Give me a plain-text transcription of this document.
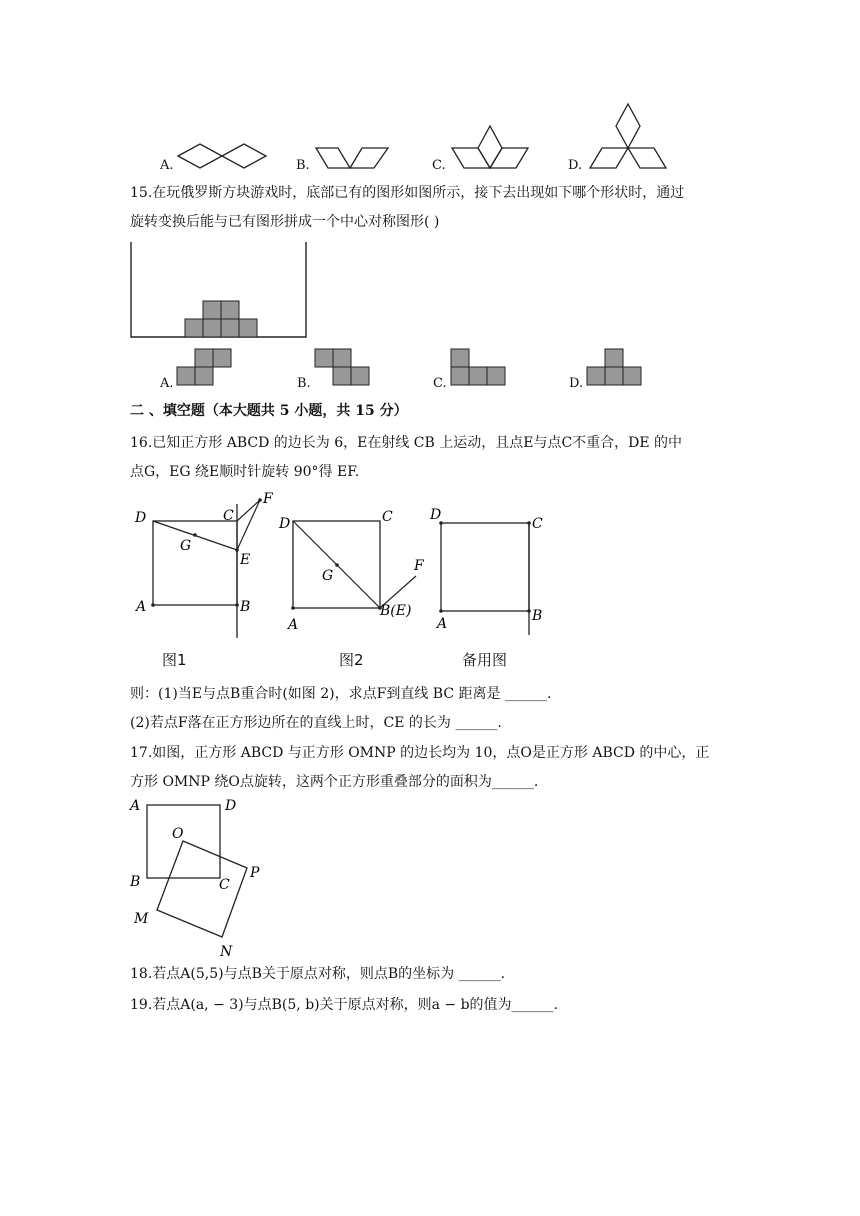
A.	B.	C.	D.
15.在玩俄罗斯方块游戏时，底部已有的图形如图所示，接下去出现如下哪个形状时，通过
旋转变换后能与已有图形拼成一个中心对称图形( )
A.	B.	C.	D.
二 、填空题（本大题共 5 小题，共 15 分）
16.已知正方形 ABCD 的边长为 6，E在射线 CB 上运动，且点E与点C不重合，DE 的中
点G，EG 绕E顺时针旋转 90°得 EF.
D	C
F
G
E
A	B
D	C
G
F
A
B(E)
D
C
A	B
图1	图2	备用图
则：(1)当E与点B重合时(如图 2)，求点F到直线 BC 距离是 ______.
(2)若点F落在正方形边所在的直线上时，CE 的长为 ______.
17.如图，正方形 ABCD 与正方形 OMNP 的边长均为 10，点O是正方形 ABCD 的中心，正
方形 OMNP 绕O点旋转，这两个正方形重叠部分的面积为______.
A	D
O
B	C
P
M
N
18.若点A(5,5)与点B关于原点对称，则点B的坐标为 ______.
19.若点A(a, − 3)与点B(5, b)关于原点对称，则a − b的值为______.
